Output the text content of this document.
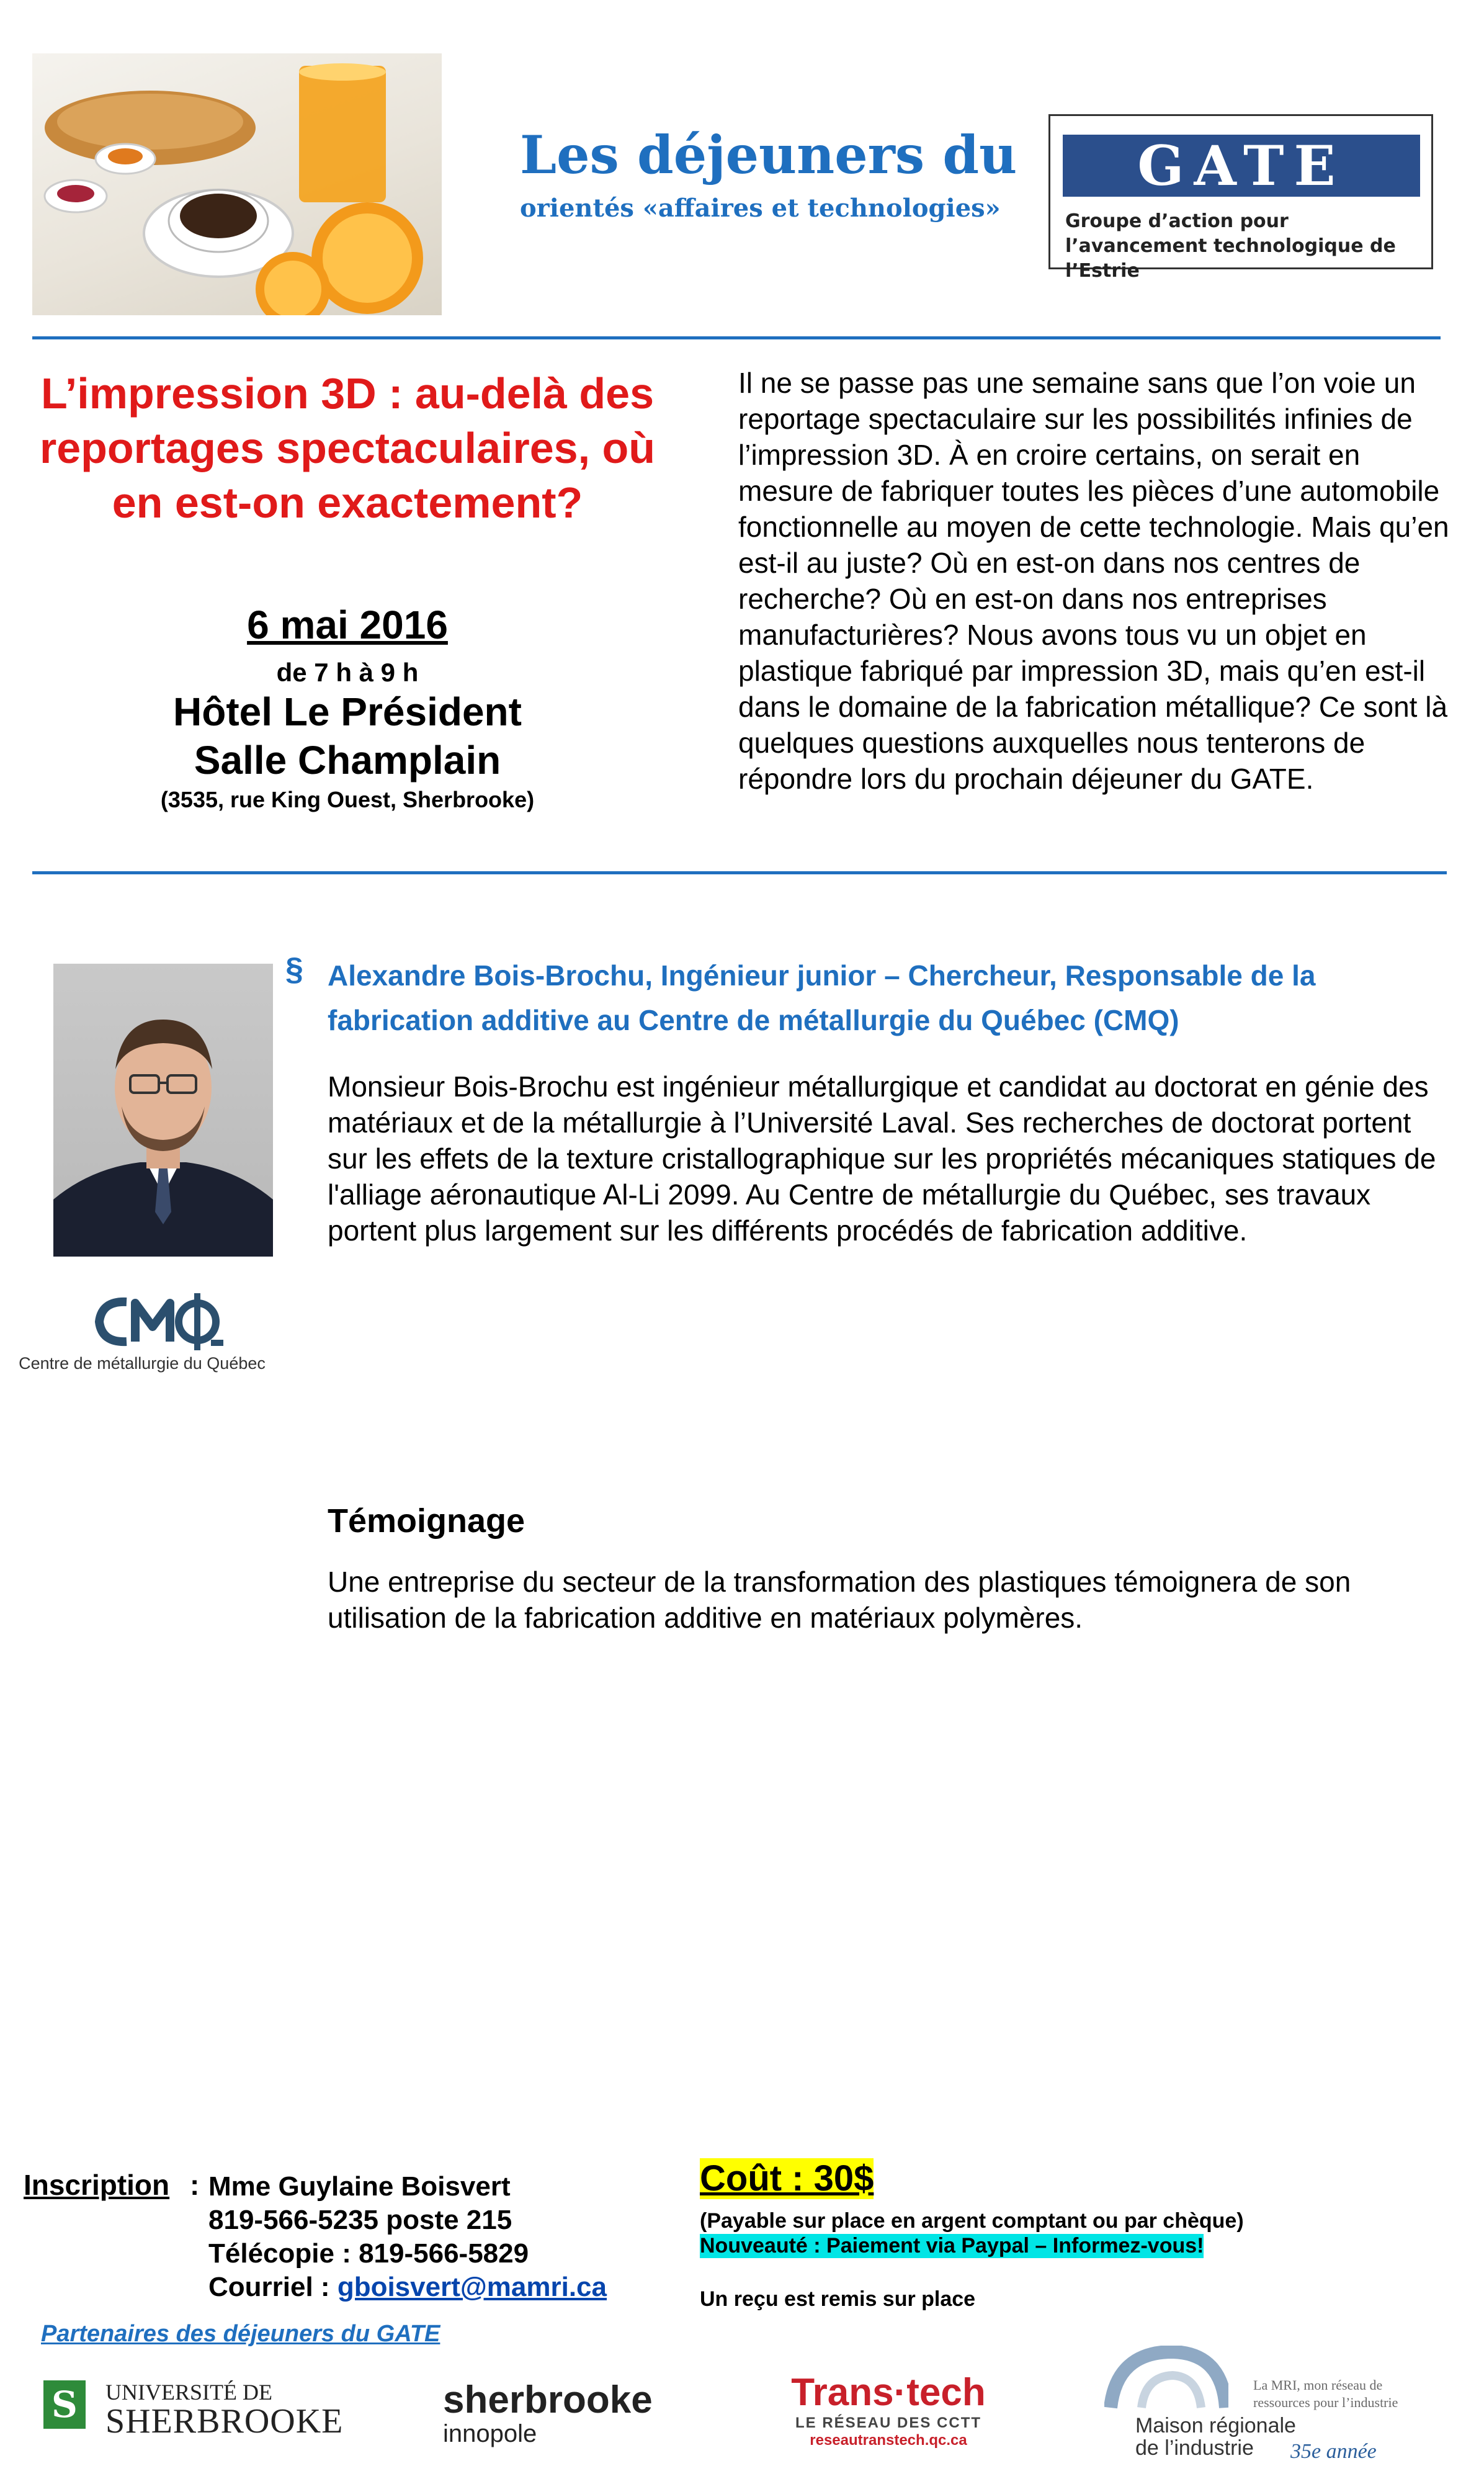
Les déjeuners du
orientés «affaires et technologies»
GATE
Groupe d’action pour l’avancement technologique de l’Estrie
L’impression 3D : au-delà des reportages spectaculaires, où en est-on exactement?
6 mai 2016
de 7 h à 9 h
Hôtel Le Président
Salle Champlain
(3535, rue King Ouest, Sherbrooke)
Il ne se passe pas une semaine sans que l’on voie un reportage spectaculaire sur les possibilités infinies de l’impression 3D. À en croire certains, on serait en mesure de fabriquer toutes les pièces d’une automobile fonctionnelle au moyen de cette technologie. Mais qu’en est-il au juste? Où en est-on dans nos centres de recherche? Où en est-on dans nos entreprises manufacturières? Nous avons tous vu un objet en plastique fabriqué par impression 3D, mais qu’en est-il dans le domaine de la fabrication métallique? Ce sont là quelques questions auxquelles nous tenterons de répondre lors du prochain déjeuner du GATE.
§ Alexandre Bois-Brochu, Ingénieur junior – Chercheur, Responsable de la fabrication additive au Centre de métallurgie du Québec (CMQ)
Monsieur Bois-Brochu est ingénieur métallurgique et candidat au doctorat en génie des matériaux et de la métallurgie à l’Université Laval. Ses recherches de doctorat portent sur les effets de la texture cristallographique sur les propriétés mécaniques statiques de l'alliage aéronautique Al-Li 2099. Au Centre de métallurgie du Québec, ses travaux portent plus largement sur les différents procédés de fabrication additive.
Centre de métallurgie du Québec
Témoignage
Une entreprise du secteur de la transformation des plastiques témoignera de son utilisation de la fabrication additive en matériaux polymères.
Inscription : Mme Guylaine Boisvert
819-566-5235 poste 215
Télécopie : 819-566-5829
Courriel : gboisvert@mamri.ca
Coût : 30$
(Payable sur place en argent comptant ou par chèque)
Nouveauté : Paiement via Paypal – Informez-vous!
Un reçu est remis sur place
Partenaires des déjeuners du GATE
S	UNIVERSITÉ DE
SHERBROOKE	sherbrooke
innopole
Trans·tech
LE RÉSEAU DES CCTT
reseautranstech.qc.ca
La MRI, mon réseau de ressources pour l’industrie
Maison régionale
de l’industrie 35e année
